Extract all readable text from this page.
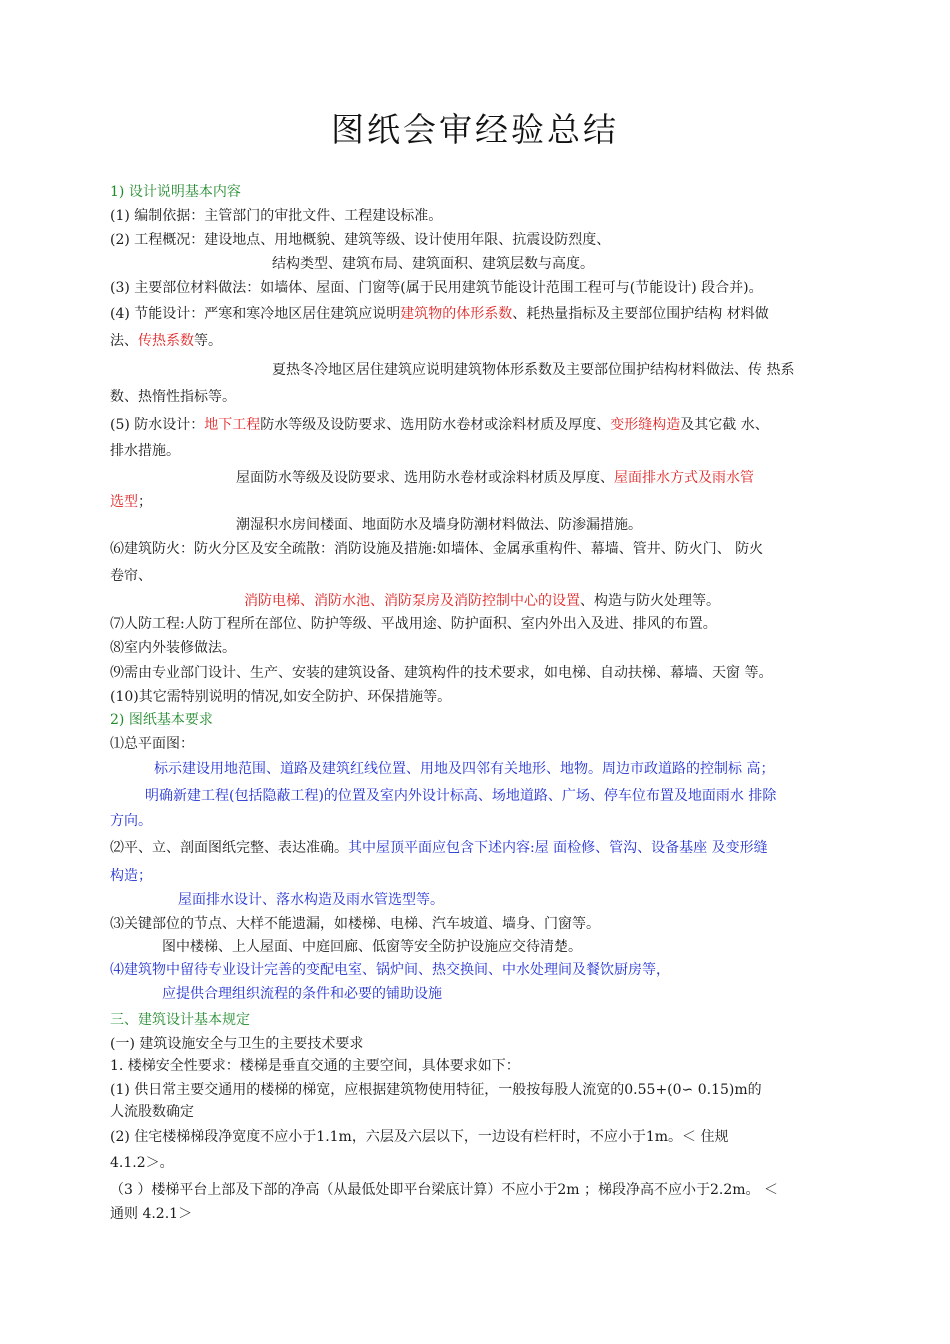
图纸会审经验总结
1) 设计说明基本内容
(1) 编制依据：主管部门的审批文件、工程建设标准。
(2) 工程概况：建设地点、用地概貌、建筑等级、设计使用年限、抗震设防烈度、
结构类型、建筑布局、建筑面积、建筑层数与高度。
(3) 主要部位材料做法：如墙体、屋面、门窗等(属于民用建筑节能设计范围工程可与(节能设计) 段合并)。
(4) 节能设计：严寒和寒冷地区居住建筑应说明建筑物的体形系数、耗热量指标及主要部位围护结构 材料做
法、传热系数等。
夏热冬冷地区居住建筑应说明建筑物体形系数及主要部位围护结构材料做法、传 热系
数、热惰性指标等。
(5) 防水设计：地下工程防水等级及设防要求、选用防水卷材或涂料材质及厚度、变形缝构造及其它截 水、
排水措施。
屋面防水等级及设防要求、选用防水卷材或涂料材质及厚度、屋面排水方式及雨水管
选型；
潮湿积水房间楼面、地面防水及墙身防潮材料做法、防渗漏措施。
⑹建筑防火：防火分区及安全疏散：消防设施及措施:如墙体、金属承重构件、幕墙、管井、防火门、 防火
卷帘、
消防电梯、消防水池、消防泵房及消防控制中心的设置、构造与防火处理等。
⑺人防工程:人防丁程所在部位、防护等级、平战用途、防护面积、室内外出入及进、排风的布置。
⑻室内外装修做法。
⑼需由专业部门设计、生产、安装的建筑设备、建筑构件的技术要求，如电梯、自动扶梯、幕墙、天窗 等。
(10)其它需特别说明的情况,如安全防护、环保措施等。
2) 图纸基本要求
⑴总平面图：
标示建设用地范围、道路及建筑红线位置、用地及四邻有关地形、地物。周边市政道路的控制标 高；
明确新建工程(包括隐蔽工程)的位置及室内外设计标高、场地道路、广场、停车位布置及地面雨水 排除
方向。
⑵平、立、剖面图纸完整、表达准确。其中屋顶平面应包含下述内容:屋 面检修、管沟、设备基座 及变形缝
构造；
屋面排水设计、落水构造及雨水管选型等。
⑶关键部位的节点、大样不能遗漏，如楼梯、电梯、汽车坡道、墙身、门窗等。
图中楼梯、上人屋面、中庭回廊、低窗等安全防护设施应交待清楚。
⑷建筑物中留待专业设计完善的变配电室、锅炉间、热交换间、中水处理间及餐饮厨房等，
应提供合理组织流程的条件和必要的铺助设施
三、建筑设计基本规定
(一) 建筑设施安全与卫生的主要技术要求
1. 楼梯安全性要求：楼梯是垂直交通的主要空间，具体要求如下：
(1) 供日常主要交通用的楼梯的梯宽，应根据建筑物使用特征，一般按每股人流宽的0.55+(0∽ 0.15)m的
人流股数确定
(2) 住宅楼梯梯段净宽度不应小于1.1m，六层及六层以下，一边设有栏杆时，不应小于1m。＜ 住规
4.1.2＞。
（3 ）楼梯平台上部及下部的净高（从最低处即平台梁底计算）不应小于2m ；梯段净高不应小于2.2m。 ＜
通则 4.2.1＞
